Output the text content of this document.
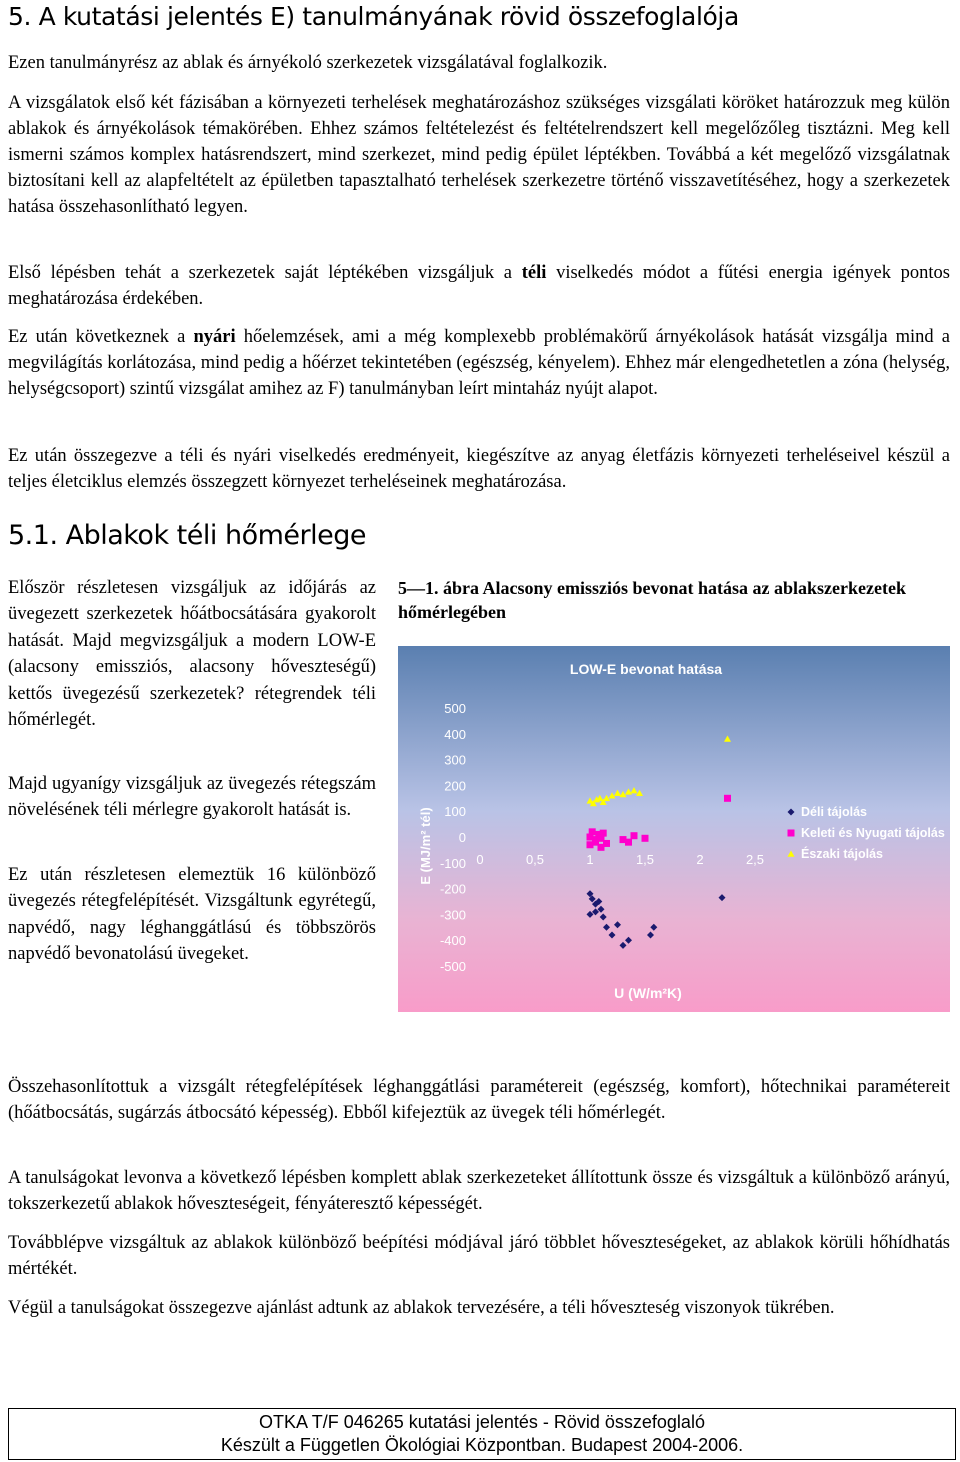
5. A kutatási jelentés E) tanulmányának rövid összefoglalója

Ezen tanulmányrész az ablak és árnyékoló szerkezetek vizsgálatával foglalkozik.

A vizsgálatok első két fázisában a környezeti terhelések meghatározáshoz szükséges vizsgálati köröket határozzuk meg külön ablakok és árnyékolások témakörében. Ehhez számos feltételezést és feltételrendszert kell megelőzőleg tisztázni. Meg kell ismerni számos komplex hatásrendszert, mind szerkezet, mind pedig épület léptékben. Továbbá a két megelőző vizsgálatnak biztosítani kell az alapfeltételt az épületben tapasztalható terhelések szerkezetre történő visszavetítéséhez, hogy a szerkezetek hatása összehasonlítható legyen.

Első lépésben tehát a szerkezetek saját léptékében vizsgáljuk a téli viselkedés módot a fűtési energia igények pontos meghatározása érdekében.

Ez után következnek a nyári hőelemzések, ami a még komplexebb problémakörű árnyékolások hatását vizsgálja mind a megvilágítás korlátozása, mind pedig a hőérzet tekintetében (egészség, kényelem). Ehhez már elengedhetetlen a zóna (helység, helységcsoport) szintű vizsgálat amihez az F) tanulmányban leírt mintaház nyújt alapot.

Ez után összegezve a téli és nyári viselkedés eredményeit, kiegészítve az anyag életfázis környezeti terheléseivel készül a teljes életciklus elemzés összegzett környezet terheléseinek meghatározása.

5.1. Ablakok téli hőmérlege

Először részletesen vizsgáljuk az időjárás az üvegezett szerkezetek hőátbocsátására gyakorolt hatását. Majd megvizsgáljuk a modern LOW-E (alacsony emissziós, alacsony hőveszteségű) kettős üvegezésű szerkezetek? rétegrendek téli hőmérlegét.

Majd ugyanígy vizsgáljuk az üvegezés rétegszám növelésének téli mérlegre gyakorolt hatását is.

Ez után részletesen elemeztük 16 különböző üvegezés rétegfelépítését. Vizsgáltunk egyrétegű, napvédő, nagy léghanggátlású és többszörös napvédő bevonatolású üvegeket.

5—1. ábra Alacsony emissziós bevonat hatása az ablakszerkezetek hőmérlegében
LOW-E bevonat hatása
U (W/m²K)
E (MJ/m² tél)
500
400
300
200
100
0
-100
-200
-300
-400
-500
0	0,5	1	1,5	2	2,5
Déli tájolás
Keleti és Nyugati tájolás
Északi tájolás

Összehasonlítottuk a vizsgált rétegfelépítések léghanggátlási paramétereit (egészség, komfort), hőtechnikai paramétereit (hőátbocsátás, sugárzás átbocsátó képesség). Ebből kifejeztük az üvegek téli hőmérlegét.

A tanulságokat levonva a következő lépésben komplett ablak szerkezeteket állítottunk össze és vizsgáltuk a különböző arányú, tokszerkezetű ablakok hőveszteségeit, fényáteresztő képességét.

Továbblépve vizsgáltuk az ablakok különböző beépítési módjával járó többlet hőveszteségeket, az ablakok körüli hőhídhatás mértékét.

Végül a tanulságokat összegezve ajánlást adtunk az ablakok tervezésére, a téli hőveszteség viszonyok tükrében.

OTKA T/F 046265 kutatási jelentés - Rövid összefoglaló
Készült a Független Ökológiai Központban. Budapest 2004-2006.
